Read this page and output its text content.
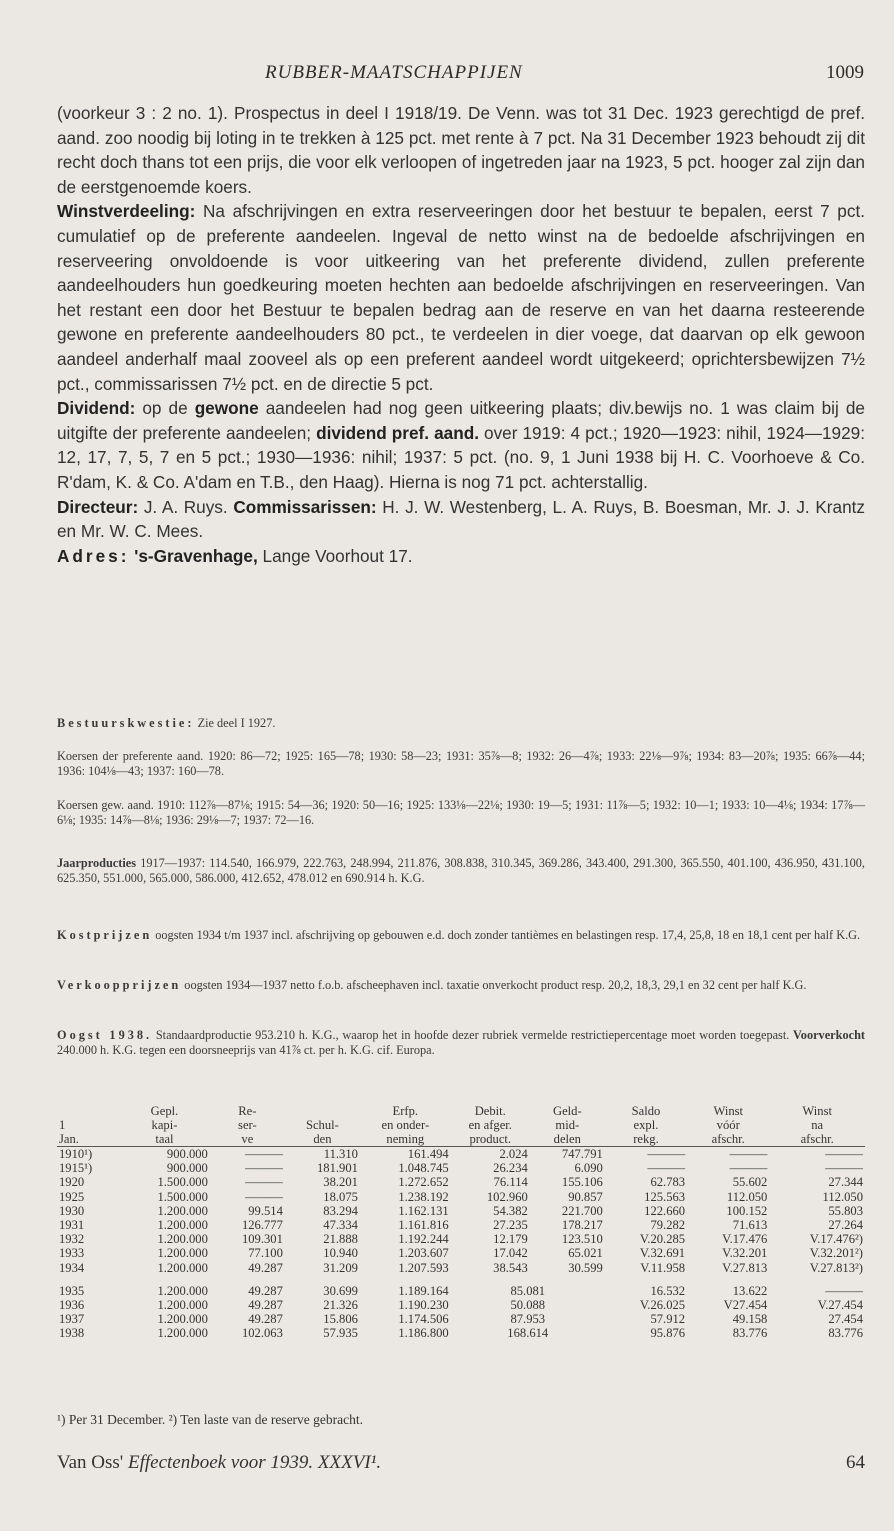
RUBBER-MAATSCHAPPIJEN	1009

(voorkeur 3 : 2 no. 1). Prospectus in deel I 1918/19. De Venn. was tot 31 Dec. 1923 gerechtigd de pref. aand. zoo noodig bij loting in te trekken à 125 pct. met rente à 7 pct. Na 31 December 1923 behoudt zij dit recht doch thans tot een prijs, die voor elk verloopen of ingetreden jaar na 1923, 5 pct. hooger zal zijn dan de eerstgenoemde koers.

Winstverdeeling: Na afschrijvingen en extra reserveeringen door het bestuur te bepalen, eerst 7 pct. cumulatief op de preferente aandeelen. Ingeval de netto winst na de bedoelde afschrijvingen en reserveering onvoldoende is voor uitkeering van het preferente dividend, zullen preferente aandeelhouders hun goedkeuring moeten hechten aan bedoelde afschrijvingen en reserveeringen. Van het restant een door het Bestuur te bepalen bedrag aan de reserve en van het daarna resteerende gewone en preferente aandeelhouders 80 pct., te verdeelen in dier voege, dat daarvan op elk gewoon aandeel anderhalf maal zooveel als op een preferent aandeel wordt uitgekeerd; oprichtersbewijzen 7½ pct., commissarissen 7½ pct. en de directie 5 pct.

Dividend: op de gewone aandeelen had nog geen uitkeering plaats; div.bewijs no. 1 was claim bij de uitgifte der preferente aandeelen; dividend pref. aand. over 1919: 4 pct.; 1920—1923: nihil, 1924—1929: 12, 17, 7, 5, 7 en 5 pct.; 1930—1936: nihil; 1937: 5 pct. (no. 9, 1 Juni 1938 bij H. C. Voorhoeve & Co. R'dam, K. & Co. A'dam en T.B., den Haag). Hierna is nog 71 pct. achterstallig.

Directeur: J. A. Ruys. Commissarissen: H. J. W. Westenberg, L. A. Ruys, B. Boesman, Mr. J. J. Krantz en Mr. W. C. Mees.

Adres: 's-Gravenhage, Lange Voorhout 17.

Bestuurskwestie: Zie deel I 1927.
Koersen der preferente aand. 1920: 86—72; 1925: 165—78; 1930: 58—23; 1931: 35⅞—8; 1932: 26—4⅞; 1933: 22⅛—9⅞; 1934: 83—20⅞; 1935: 66⅞—44; 1936: 104⅛—43; 1937: 160—78.
Koersen gew. aand. 1910: 112⅞—87⅛; 1915: 54—36; 1920: 50—16; 1925: 133⅛—22⅛; 1930: 19—5; 1931: 11⅞—5; 1932: 10—1; 1933: 10—4⅛; 1934: 17⅞—6⅛; 1935: 14⅞—8⅛; 1936: 29⅛—7; 1937: 72—16.
Jaarproducties 1917—1937: 114.540, 166.979, 222.763, 248.994, 211.876, 308.838, 310.345, 369.286, 343.400, 291.300, 365.550, 401.100, 436.950, 431.100, 625.350, 551.000, 565.000, 586.000, 412.652, 478.012 en 690.914 h. K.G.
Kostprijzen oogsten 1934 t/m 1937 incl. afschrijving op gebouwen e.d. doch zonder tantièmes en belastingen resp. 17,4, 25,8, 18 en 18,1 cent per half K.G.
Verkoopprijzen oogsten 1934—1937 netto f.o.b. afscheephaven incl. taxatie onverkocht product resp. 20,2, 18,3, 29,1 en 32 cent per half K.G.
Oogst 1938. Standaardproductie 953.210 h. K.G., waarop het in hoofde dezer rubriek vermelde restrictiepercentage moet worden toegepast. Voorverkocht 240.000 h. K.G. tegen een doorsneeprijs van 41⅞ ct. per h. K.G. cif. Europa.
	Gepl.	Re-		Erfp.	Debit.	Geld-	Saldo	Winst	Winst
1	kapi-	ser-	Schul-	en onder-	en afger.	mid-	expl.	vóór	na
Jan.	taal	ve	den	neming	product.	delen	rekg.	afschr.	afschr.
1910¹)	900.000	———	11.310	161.494	2.024	747.791	———	———	———
1915¹)	900.000	———	181.901	1.048.745	26.234	6.090	———	———	———
1920	1.500.000	———	38.201	1.272.652	76.114	155.106	62.783	55.602	27.344
1925	1.500.000	———	18.075	1.238.192	102.960	90.857	125.563	112.050	112.050
1930	1.200.000	99.514	83.294	1.162.131	54.382	221.700	122.660	100.152	55.803
1931	1.200.000	126.777	47.334	1.161.816	27.235	178.217	79.282	71.613	27.264
1932	1.200.000	109.301	21.888	1.192.244	12.179	123.510	V.20.285	V.17.476	V.17.476²)
1933	1.200.000	77.100	10.940	1.203.607	17.042	65.021	V.32.691	V.32.201	V.32.201²)
1934	1.200.000	49.287	31.209	1.207.593	38.543	30.599	V.11.958	V.27.813	V.27.813²)
1935	1.200.000	49.287	30.699	1.189.164	85.081		16.532	13.622	———
1936	1.200.000	49.287	21.326	1.190.230	50.088		V.26.025	V27.454	V.27.454
1937	1.200.000	49.287	15.806	1.174.506	87.953		57.912	49.158	27.454
1938	1.200.000	102.063	57.935	1.186.800	168.614		95.876	83.776	83.776
¹) Per 31 December. ²) Ten laste van de reserve gebracht.
Van Oss' Effectenboek voor 1939. XXXVI¹.	64
